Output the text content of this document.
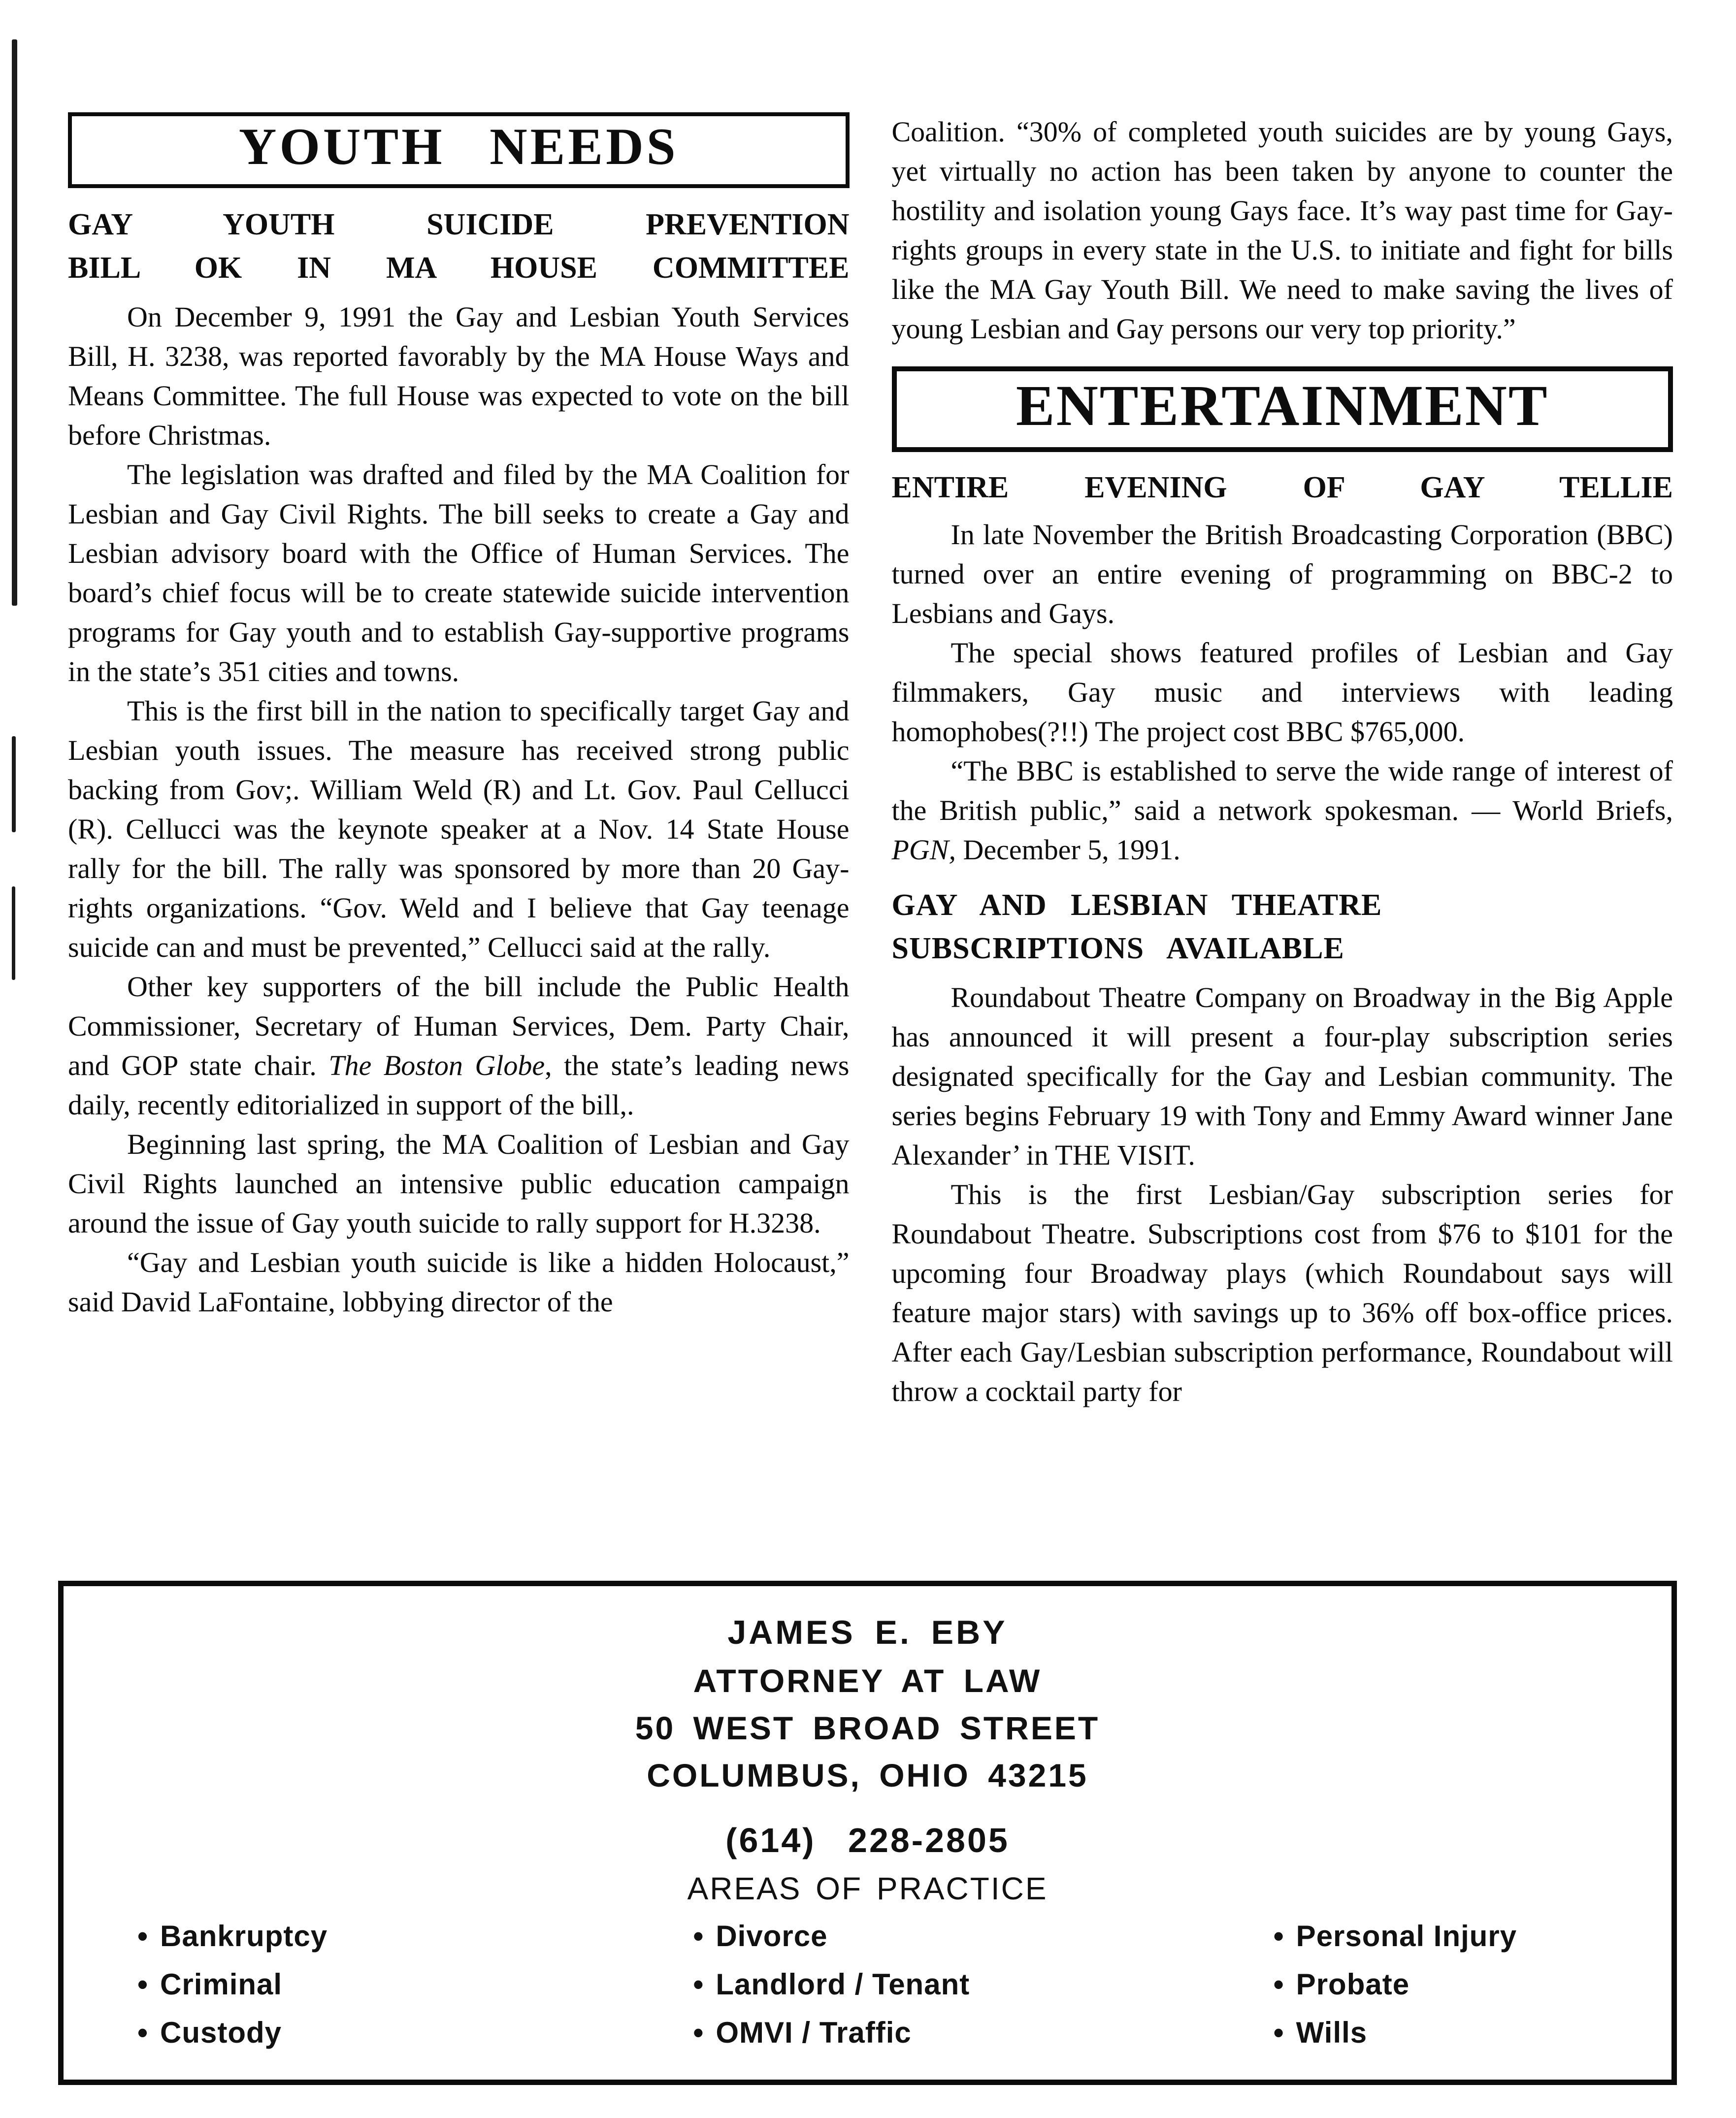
YOUTH NEEDS
GAY YOUTH SUICIDE PREVENTION
BILL OK IN MA HOUSE COMMITTEE

On December 9, 1991 the Gay and Lesbian Youth Services Bill, H. 3238, was reported favorably by the MA House Ways and Means Committee. The full House was expected to vote on the bill before Christmas.

The legislation was drafted and filed by the MA Coalition for Lesbian and Gay Civil Rights. The bill seeks to create a Gay and Lesbian advisory board with the Office of Human Services. The board’s chief focus will be to create statewide suicide intervention programs for Gay youth and to establish Gay-supportive programs in the state’s 351 cities and towns.

This is the first bill in the nation to specifically target Gay and Lesbian youth issues. The measure has received strong public backing from Gov;. William Weld (R) and Lt. Gov. Paul Cellucci (R). Cellucci was the keynote speaker at a Nov. 14 State House rally for the bill. The rally was sponsored by more than 20 Gay-rights organizations. “Gov. Weld and I believe that Gay teenage suicide can and must be prevented,” Cellucci said at the rally.

Other key supporters of the bill include the Public Health Commissioner, Secretary of Human Services, Dem. Party Chair, and GOP state chair. The Boston Globe, the state’s leading news daily, recently editorialized in support of the bill,.

Beginning last spring, the MA Coalition of Lesbian and Gay Civil Rights launched an intensive public education campaign around the issue of Gay youth suicide to rally support for H.3238.

“Gay and Lesbian youth suicide is like a hidden Holocaust,” said David LaFontaine, lobbying director of the

Coalition. “30% of completed youth suicides are by young Gays, yet virtually no action has been taken by anyone to counter the hostility and isolation young Gays face. It’s way past time for Gay-rights groups in every state in the U.S. to initiate and fight for bills like the MA Gay Youth Bill. We need to make saving the lives of young Lesbian and Gay persons our very top priority.”

ENTERTAINMENT
ENTIRE EVENING OF GAY TELLIE

In late November the British Broadcasting Corporation (BBC) turned over an entire evening of programming on BBC-2 to Lesbians and Gays.

The special shows featured profiles of Lesbian and Gay filmmakers, Gay music and interviews with leading homophobes(?!!) The project cost BBC $765,000.

“The BBC is established to serve the wide range of interest of the British public,” said a network spokesman. — World Briefs, PGN, December 5, 1991.

GAY AND LESBIAN THEATRE
SUBSCRIPTIONS AVAILABLE

Roundabout Theatre Company on Broadway in the Big Apple has announced it will present a four-play subscription series designated specifically for the Gay and Lesbian community. The series begins February 19 with Tony and Emmy Award winner Jane Alexander’ in THE VISIT.

This is the first Lesbian/Gay subscription series for Roundabout Theatre. Subscriptions cost from $76 to $101 for the upcoming four Broadway plays (which Roundabout says will feature major stars) with savings up to 36% off box-office prices. After each Gay/Lesbian subscription performance, Roundabout will throw a cocktail party for

JAMES E. EBY
ATTORNEY AT LAW
50 WEST BROAD STREET
COLUMBUS, OHIO 43215
(614) 228-2805
AREAS OF PRACTICE
• Bankruptcy
• Criminal
• Custody
• Divorce
• Landlord / Tenant
• OMVI / Traffic
• Personal Injury
• Probate
• Wills
